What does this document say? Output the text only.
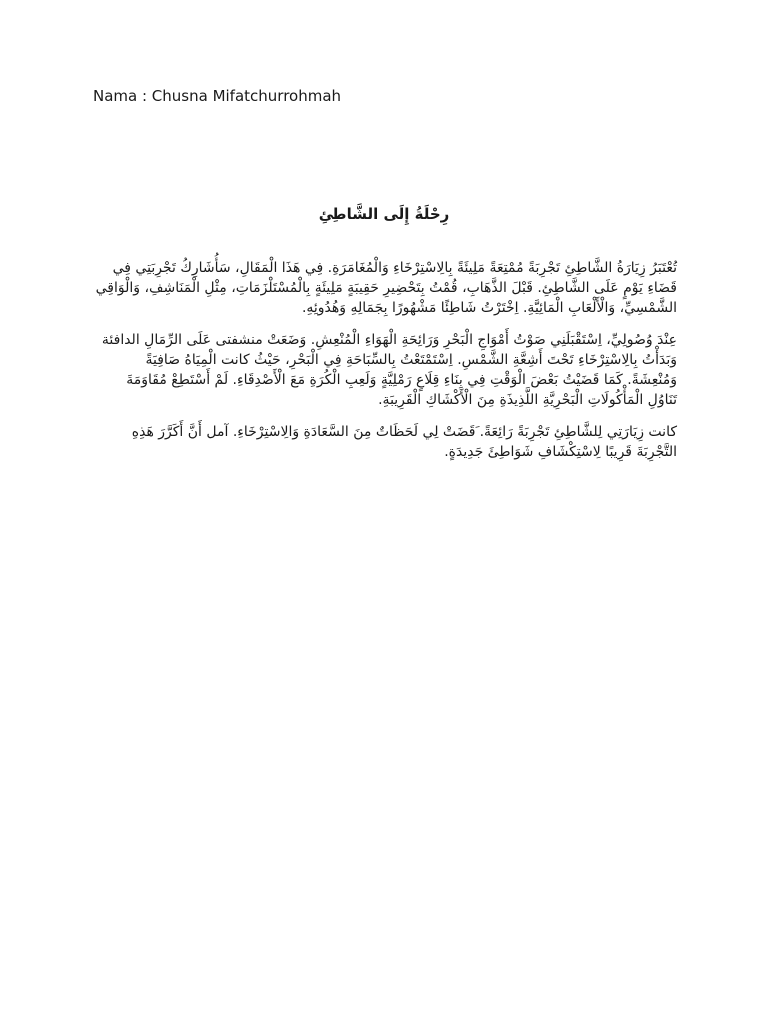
Nama : Chusna Mifatchurrohmah
رِحْلَةُ إِلَى الشَّاطِئِ

تُعْتَبَرُ زِيَارَةُ الشَّاطِئِ تَجْرِبَةً مُمْتِعَةً مَلِيئَةً بِالِاسْتِرْخَاءِ وَالْمُغَامَرَةِ. فِي هَذَا الْمَقَالِ، سَأُشَارِكُ تَجْرِبَتِي فِي قَضَاءِ يَوْمٍ عَلَى الشَّاطِئِ. قَبْلَ الذَّهَابِ، قُمْتُ بِتَحْضِيرِ حَقِيبَةٍ مَلِيئَةٍ بِالْمُسْتَلْزَمَاتِ، مِثْلِ الْمَنَاشِفِ، وَالْوَاقِي الشَّمْسِيِّ، وَالْأَلْعَابِ الْمَائِيَّةِ. اِخْتَرْتُ شَاطِئًا مَشْهُورًا بِجَمَالِهِ وَهُدُوئِهِ.

عِنْدَ وُصُولِيِّ، اِسْتَقْبَلَنِي صَوْتُ أَمْوَاجِ الْبَحْرِ وَرَائِحَةِ الْهَوَاءِ الْمُنْعِشِ. وَضَعَتْ منشفتى عَلَى الرِّمَالِ الدافئة وَبَدَأْتُ بِالِاسْتِرْخَاءِ تَحْتَ أَشِعَّةِ الشَّمْسِ. اِسْتَمْتَعْتُ بِالسِّبَاحَةِ فِي الْبَحْرِ، حَيْثُ كانت الْمِيَاهُ صَافِيَةً وَمُنْعِشَةً. كَمَا قَضَيْتُ بَعْضَ الْوَقْتِ فِي بِنَاءِ قِلَاعٍ رَمْلِيَّةٍ وَلَعِبِ الْكُرَةِ مَعَ الْأَصْدِقَاءِ. لَمْ أَسْتَطِعْ مُقَاوَمَةَ تَنَاوُلِ الْمَأْكُولَاتِ الْبَحْرِيَّةِ اللَّذِيذَةِ مِنَ الْأَكْشَاكِ الْقَرِيبَةِ.

كانت زِيَارَتِي لِلشَّاطِئِ تَجْرِبَةً رَائِعَةً. َقَضَتْ لِي لَحَظَاتٌ مِنَ السَّعَادَةِ وَالِاسْتِرْخَاءِ. آمل أَنَّ أَكَرَّرَ هَذِهِ التَّجْرِبَةَ قَرِيبًا لِاسْتِكْشَافِ شَوَاطِئَ جَدِيدَةٍ.
